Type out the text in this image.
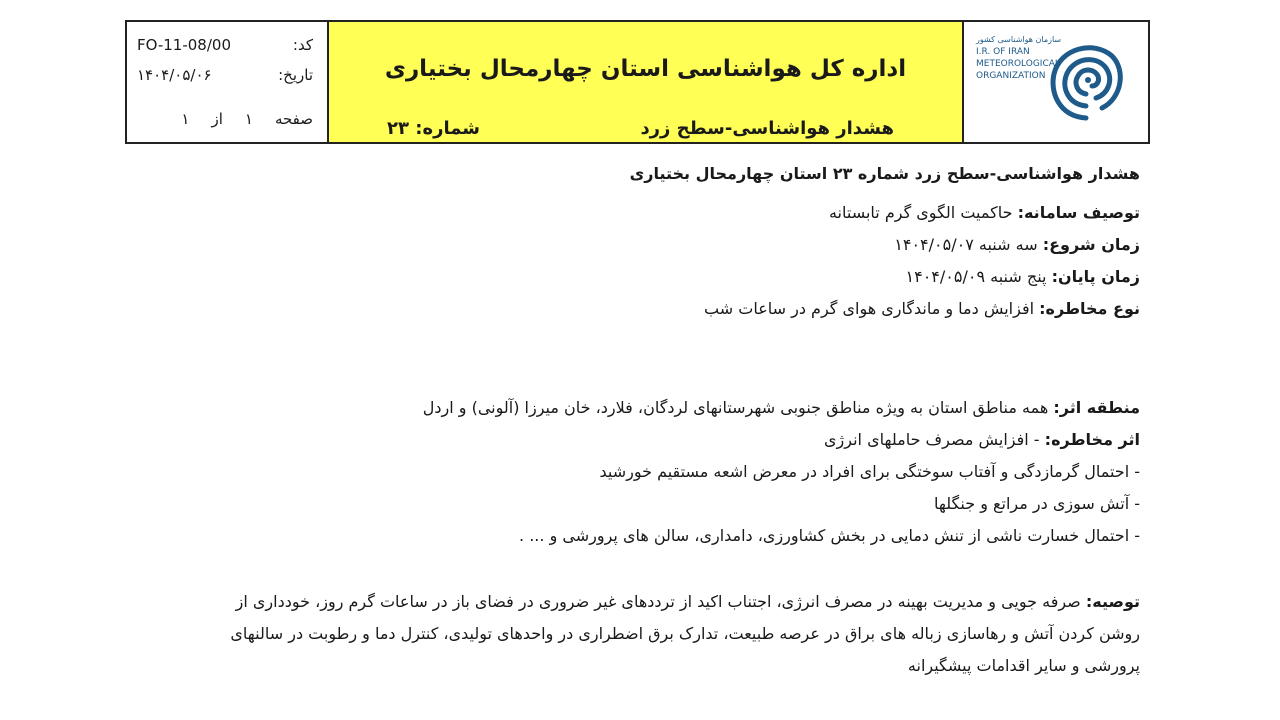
کد:
FO-11-08/00
تاریخ:
۱۴۰۴/۰۵/۰۶
صفحه
۱
از
۱
اداره کل هواشناسی استان چهارمحال بختیاری
هشدار هواشناسی-سطح زرد
شماره: ۲۳
سازمان هواشناسی کشور
I.R. OF IRAN
METEOROLOGICAL
ORGANIZATION
هشدار هواشناسی-سطح زرد شماره ۲۳ استان چهارمحال بختیاری
توصیف سامانه: حاکمیت الگوی گرم تابستانه
زمان شروع: سه شنبه ۱۴۰۴/۰۵/۰۷
زمان پایان: پنج شنبه ۱۴۰۴/۰۵/۰۹
نوع مخاطره: افزایش دما و ماندگاری هوای گرم در ساعات شب
منطقه اثر: همه مناطق استان به ویژه مناطق جنوبی شهرستانهای لردگان، فلارد، خان میرزا (آلونی) و اردل
اثر مخاطره: - افزایش مصرف حاملهای انرژی
- احتمال گرمازدگی و آفتاب سوختگی برای افراد در معرض اشعه مستقیم خورشید
- آتش سوزی در مراتع و جنگلها
- احتمال خسارت ناشی از تنش دمایی در بخش کشاورزی، دامداری، سالن های پرورشی و ... .
توصیه: صرفه جویی و مدیریت بهینه در مصرف انرژی، اجتناب اکید از ترددهای غیر ضروری در فضای باز در ساعات گرم روز، خودداری از
روشن کردن آتش و رهاسازی زباله های براق در عرصه طبیعت، تدارک برق اضطراری در واحدهای تولیدی، کنترل دما و رطوبت در سالنهای
پرورشی و سایر اقدامات پیشگیرانه
